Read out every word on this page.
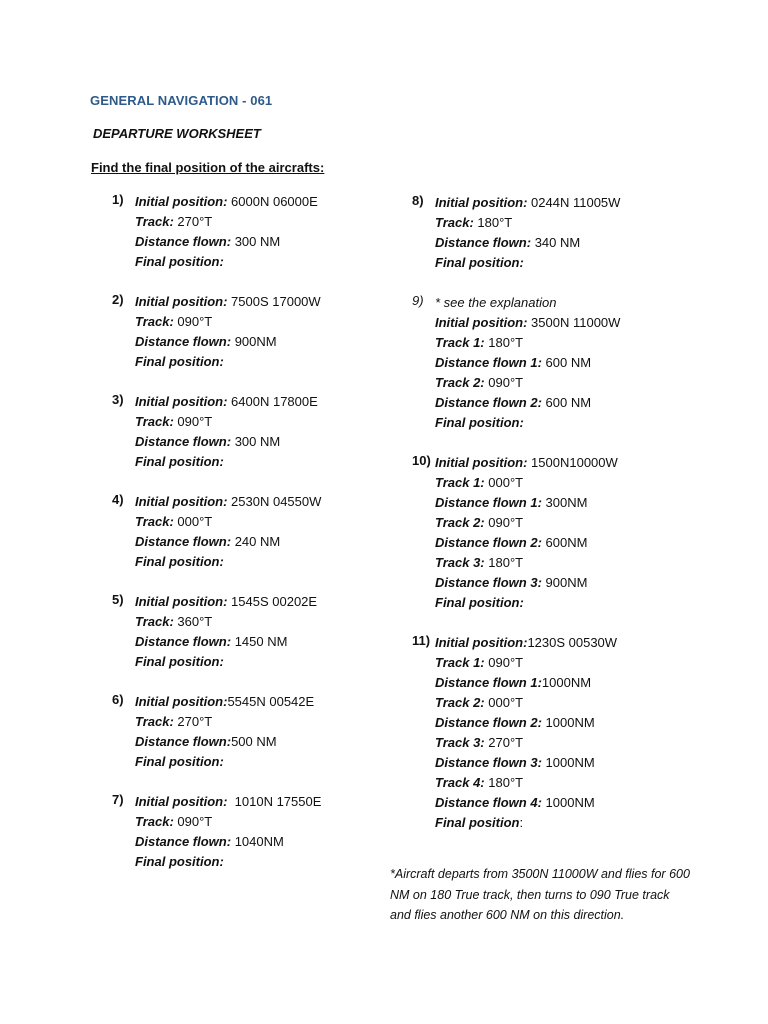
GENERAL NAVIGATION - 061
DEPARTURE WORKSHEET
Find the final position of the aircrafts:
1) Initial position: 6000N 06000E
Track: 270°T
Distance flown: 300 NM
Final position:
2) Initial position: 7500S 17000W
Track: 090°T
Distance flown: 900NM
Final position:
3) Initial position: 6400N 17800E
Track: 090°T
Distance flown: 300 NM
Final position:
4) Initial position: 2530N 04550W
Track: 000°T
Distance flown: 240 NM
Final position:
5) Initial position: 1545S 00202E
Track: 360°T
Distance flown: 1450 NM
Final position:
6) Initial position:5545N 00542E
Track: 270°T
Distance flown:500 NM
Final position:
7) Initial position:  1010N 17550E
Track: 090°T
Distance flown: 1040NM
Final position:
8) Initial position: 0244N 11005W
Track: 180°T
Distance flown: 340 NM
Final position:
9) * see the explanation
Initial position: 3500N 11000W
Track 1: 180°T
Distance flown 1: 600 NM
Track 2: 090°T
Distance flown 2: 600 NM
Final position:
10) Initial position: 1500N10000W
Track 1: 000°T
Distance flown 1: 300NM
Track 2: 090°T
Distance flown 2: 600NM
Track 3: 180°T
Distance flown 3: 900NM
Final position:
11) Initial position:1230S 00530W
Track 1: 090°T
Distance flown 1:1000NM
Track 2: 000°T
Distance flown 2: 1000NM
Track 3: 270°T
Distance flown 3: 1000NM
Track 4: 180°T
Distance flown 4: 1000NM
Final position:
*Aircraft departs from 3500N 11000W and flies for 600 NM on 180 True track, then turns to 090 True track and flies another 600 NM on this direction.
